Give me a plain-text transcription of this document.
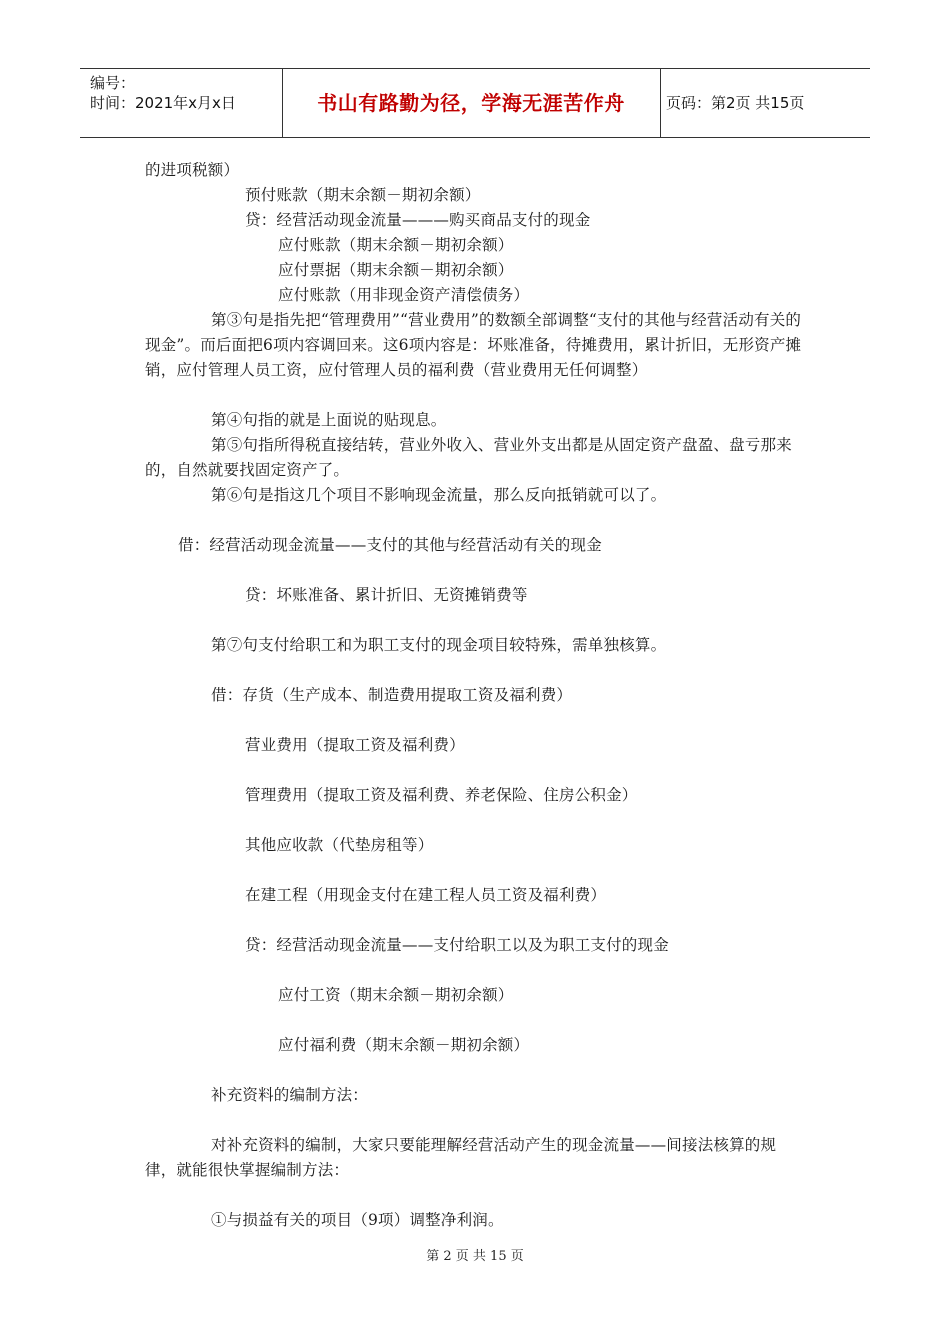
编号：
时间：2021年x月x日	书山有路勤为径，学海无涯苦作舟	页码：第2页 共15页

的进项税额）

预付账款（期末余额－期初余额）

贷：经营活动现金流量———购买商品支付的现金

应付账款（期末余额－期初余额）

应付票据（期末余额－期初余额）

应付账款（用非现金资产清偿债务）

第③句是指先把“管理费用”“营业费用”的数额全部调整“支付的其他与经营活动有关的现金”。而后面把6项内容调回来。这6项内容是：坏账准备，待摊费用，累计折旧，无形资产摊销，应付管理人员工资，应付管理人员的福利费（营业费用无任何调整）

第④句指的就是上面说的贴现息。

第⑤句指所得税直接结转，营业外收入、营业外支出都是从固定资产盘盈、盘亏那来的，自然就要找固定资产了。

第⑥句是指这几个项目不影响现金流量，那么反向抵销就可以了。

借：经营活动现金流量——支付的其他与经营活动有关的现金

贷：坏账准备、累计折旧、无资摊销费等

第⑦句支付给职工和为职工支付的现金项目较特殊，需单独核算。

借：存货（生产成本、制造费用提取工资及福利费）

营业费用（提取工资及福利费）

管理费用（提取工资及福利费、养老保险、住房公积金）

其他应收款（代垫房租等）

在建工程（用现金支付在建工程人员工资及福利费）

贷：经营活动现金流量——支付给职工以及为职工支付的现金

应付工资（期末余额－期初余额）

应付福利费（期末余额－期初余额）

补充资料的编制方法：

对补充资料的编制，大家只要能理解经营活动产生的现金流量——间接法核算的规律，就能很快掌握编制方法：

①与损益有关的项目（9项）调整净利润。

第 2 页 共 15 页
